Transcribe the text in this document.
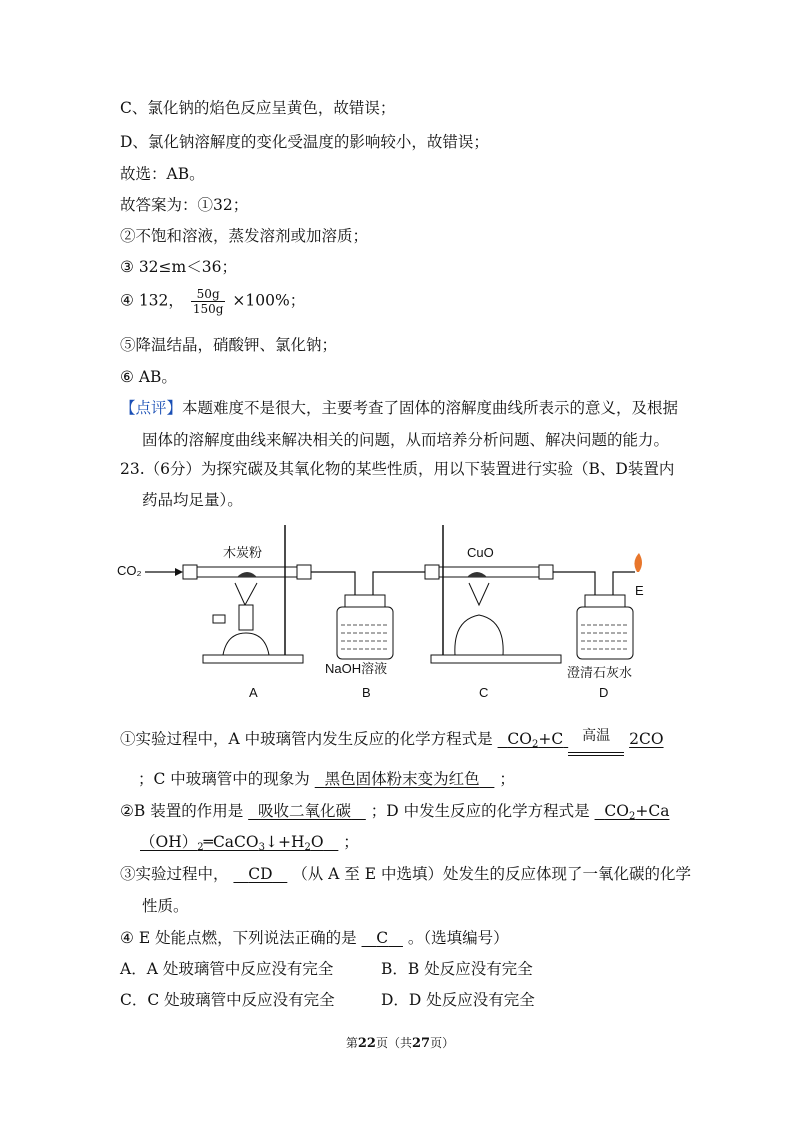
C、氯化钠的焰色反应呈黄色，故错误；
D、氯化钠溶解度的变化受温度的影响较小，故错误；
故选：AB。
故答案为：①32；
②不饱和溶液，蒸发溶剂或加溶质；
③ 32≤m＜36；
④ 132， $\frac{50g}{150g} \times 100\%$；
⑤降温结晶，硝酸钾、氯化钠；
⑥ AB。
【点评】本题难度不是很大，主要考查了固体的溶解度曲线所表示的意义，及根据
固体的溶解度曲线来解决相关的问题，从而培养分析问题、解决问题的能力。
23.（6分）为探究碳及其氧化物的某些性质，用以下装置进行实验（B、D装置内
药品均足量）。
CO₂
木炭粉
NaOH溶液
CuO
澄清石灰水
E
A	B	C	D
①实验过程中，A 中玻璃管内发生反应的化学方程式是 $CO_2+C$	高温	2CO
；C 中玻璃管中的现象为 黑色固体粉末变为红色 ；
②B 装置的作用是 吸收二氧化碳 ；D 中发生反应的化学方程式是 $CO_2+Ca$
$(OH)_2═CaCO_3↓+H_2O$ ；
③实验过程中， CD （从 A 至 E 中选填）处发生的反应体现了一氧化碳的化学
性质。
④ E 处能点燃，下列说法正确的是 C 。（选填编号）
A．A 处玻璃管中反应没有完全	B．B 处反应没有完全
C．C 处玻璃管中反应没有完全	D．D 处反应没有完全
第22页（共27页）
